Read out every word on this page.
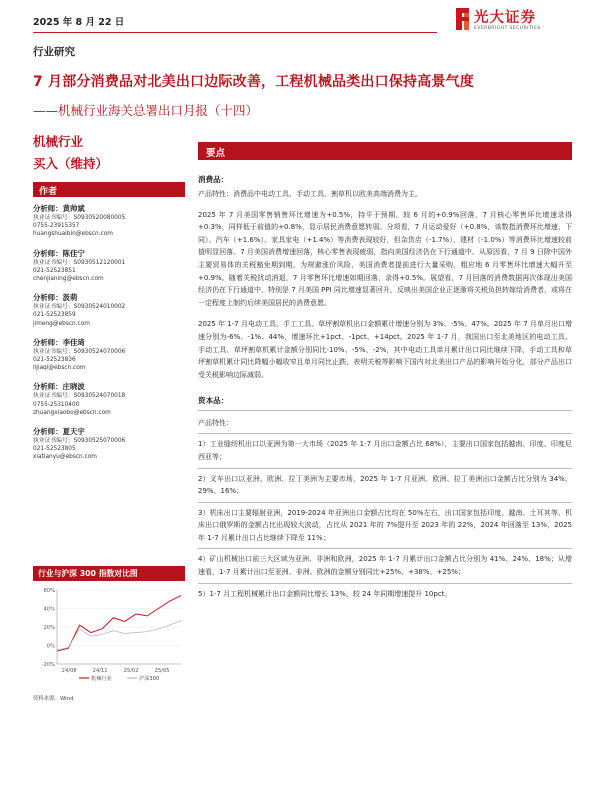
2025 年 8 月 22 日	光大证券
EVERBRIGHT SECURITIES
行业研究
7 月部分消费品对北美出口边际改善，工程机械品类出口保持高景气度
——机械行业海关总署出口月报（十四）
机械行业
买入（维持）
作者
分析师：黄帅斌
执业证书编号：S0930520080005
0755-23915357
huangshuaibin@ebscn.com
分析师：陈佳宁
执业证书编号：S0930512120001
021-52523851
chenjianing@ebscn.com
分析师：汲萌
执业证书编号：S0930524010002
021-52523859
jimeng@ebscn.com
分析师：李佳琦
执业证书编号：S0930524070006
021-52523836
lijiaqi@ebscn.com
分析师：庄晓波
执业证书编号：S0930524070018
0755-25310400
zhuangxiaobo@ebscn.com
分析师：夏天宇
执业证书编号：S0930525070006
021-52523805
xiatianyu@ebscn.com
行业与沪深 300 指数对比图
60%
40%
20%
0%
-20%
24/08	24/11	25/02	25/05
机械行业	沪深300
资料来源：Wind
要点
消费品：
产品特性：消费品中电动工具、手动工具、割草机以欧美高端消费为主。
2025 年 7 月美国零售销售环比增速为+0.5%，持平于预期，较 6 月的+0.9%回落，7 月核心零售环比增速录得+0.3%，同样低于前值的+0.8%，显示居民消费意愿转弱。分项看，7 月运动爱好（+0.8%，该数指消费环比增速，下同）、汽车（+1.6%）、家具家电（+1.4%）等消费表现较好，但杂货店（-1.7%）、建材（-1.0%）等消费环比增速较前值明显回落。7 月美国消费增速回落，核心零售表现疲弱，指向美国经济仍在下行通道中。从原因看，7 月 9 日除中国外主要贸易体的关税豁免期到期，为规避涨价风险，美国消费者提前进行大量采购，粗应地 6 月零售环比增速大幅升至+0.9%。随着关税扰动消退，7 月零售环比增速如期回落，录得+0.5%。展望看，7 月回落的消费数据再次体现出美国经济仍在下行通道中，特别是 7 月美国 PPI 同比增速显著回升，反映出美国企业正逐渐将关税负担转嫁给消费者，或将在一定程度上制约后续美国居民的消费意愿。
2025 年 1-7 月电动工具、手工工具、草坪割草机出口金额累计增速分别为 3%、-5%、47%。2025 年 7 月单月出口增速分别为-6%、-1%、44%，增速环比+1pct、-1pct、+14pct。2025 年 1-7 月，我国出口至北美地区的电动工具、手动工具、草坪割草机累计金额分别同比-10%、-5%、-2%，其中电动工具单月累计出口同比继续下降，手动工具和草坪割草机累计同比降幅小幅收窄且单月同比止跌，表明关税等影响下国内对北美出口产品的影响开始分化，部分产品出口受关税影响边际减弱。
资本品：
产品特性：
1）工业缝纫机出口以亚洲为第一大市场（2025 年 1-7 月出口金额占比 68%），主要出口国家包括越南、印度、印度尼西亚等；
2）叉车出口以亚洲、欧洲、拉丁美洲为主要市场，2025 年 1-7 月亚洲、欧洲、拉丁美洲出口金额占比分别为 34%、29%、16%；
3）机床出口主要辐射亚洲，2019-2024 年亚洲出口金额占比均在 50%左右，出口国家包括印度、越南、土耳其等。机床出口俄罗斯的金额占比出现较大波动，占比从 2021 年的 7%提升至 2023 年的 22%，2024 年回落至 13%，2025 年 1-7 月累计出口占比继续下降至 11%；
4）矿山机械出口前三大区域为亚洲、非洲和欧洲，2025 年 1-7 月累计出口金额占比分别为 41%、24%、18%；从增速看，1-7 月累计出口至亚洲、非洲、欧洲的金额分别同比+25%、+38%、+25%；
5）1-7 月工程机械累计出口金额同比增长 13%，较 24 年同期增速提升 10pct。
